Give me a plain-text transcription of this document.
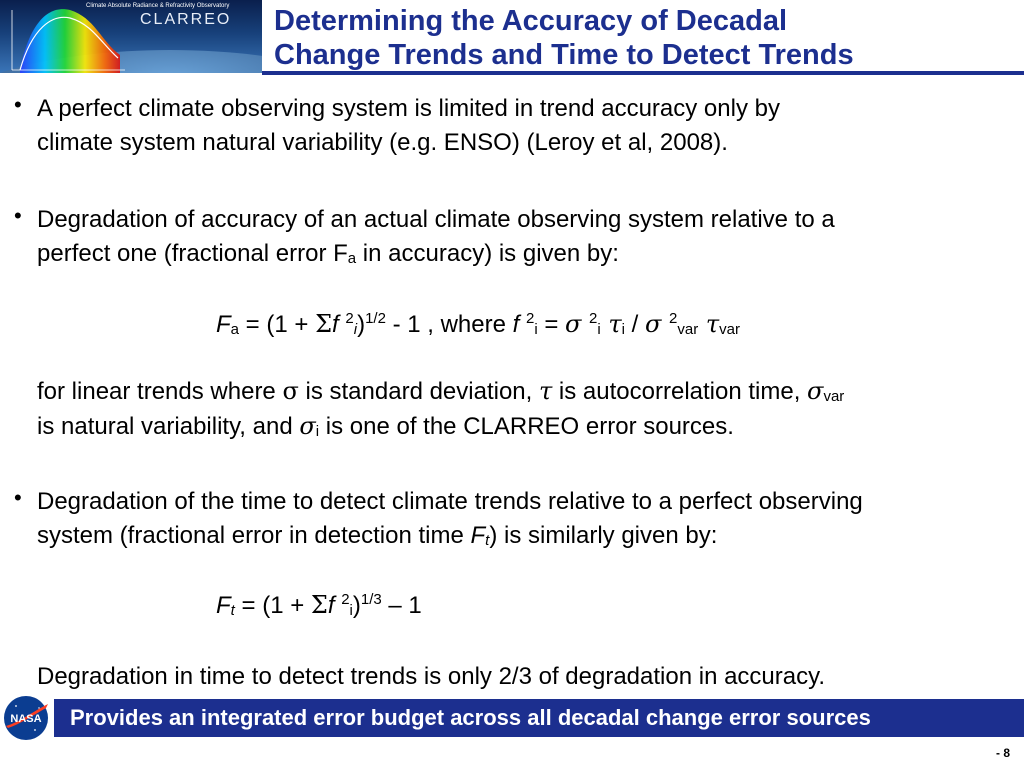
Climate Absolute Radiance & Refractivity Observatory
CLARREO Determining the Accuracy of Decadal
Change Trends and Time to Detect Trends
• A perfect climate observing system is limited in trend accuracy only by
climate system natural variability (e.g. ENSO) (Leroy et al, 2008).
• Degradation of accuracy of an actual climate observing system relative to a
perfect one (fractional error $F_a$ in accuracy) is given by:
$F_a = (1 + \Sigma f$ $^2_i$)$^{1/2}$ - 1 , where f $^2_i$ = σ $^2_i$ $\tau_i$ / σ $^2_{var}$ $\tau_{var}$
for linear trends where σ is standard deviation, τ is autocorrelation time, $\sigma_{var}$
is natural variability, and $\sigma_i$ is one of the CLARREO error sources.
• Degradation of the time to detect climate trends relative to a perfect observing
system (fractional error in detection time $F_t$) is similarly given by:
$F_t = (1 + \Sigma f$ $^2_i$)$^{1/3}$ – 1
Degradation in time to detect trends is only 2/3 of degradation in accuracy.
Provides an integrated error budget across all decadal change error sources
NASA
- 8
